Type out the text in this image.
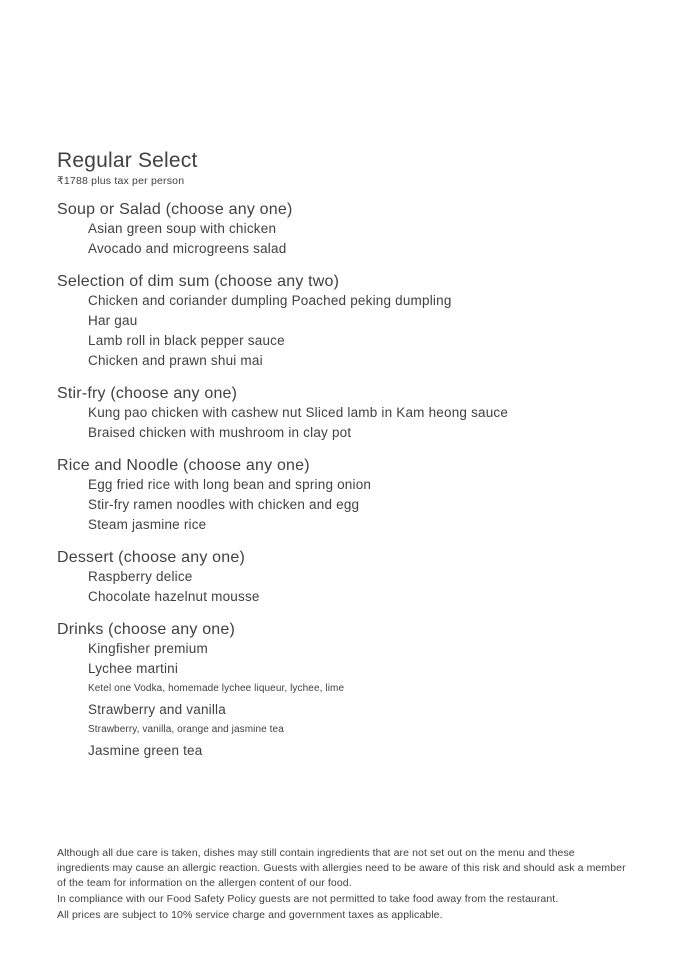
Regular Select
₹1788 plus tax per person
Soup or Salad (choose any one)
Asian green soup with chicken
Avocado and microgreens salad
Selection of dim sum (choose any two)
Chicken and coriander dumpling Poached peking dumpling
Har gau
Lamb roll in black pepper sauce
Chicken and prawn shui mai
Stir-fry (choose any one)
Kung pao chicken with cashew nut Sliced lamb in Kam heong sauce
Braised chicken with mushroom in clay pot
Rice and Noodle (choose any one)
Egg fried rice with long bean and spring onion
Stir-fry ramen noodles with chicken and egg
Steam jasmine rice
Dessert (choose any one)
Raspberry delice
Chocolate hazelnut mousse
Drinks (choose any one)
Kingfisher premium
Lychee martini
Ketel one Vodka, homemade lychee liqueur, lychee, lime
Strawberry and vanilla
Strawberry, vanilla, orange and jasmine tea
Jasmine green tea

Although all due care is taken, dishes may still contain ingredients that are not set out on the menu and these ingredients may cause an allergic reaction. Guests with allergies need to be aware of this risk and should ask a member of the team for information on the allergen content of our food.

In compliance with our Food Safety Policy guests are not permitted to take food away from the restaurant.

All prices are subject to 10% service charge and government taxes as applicable.
